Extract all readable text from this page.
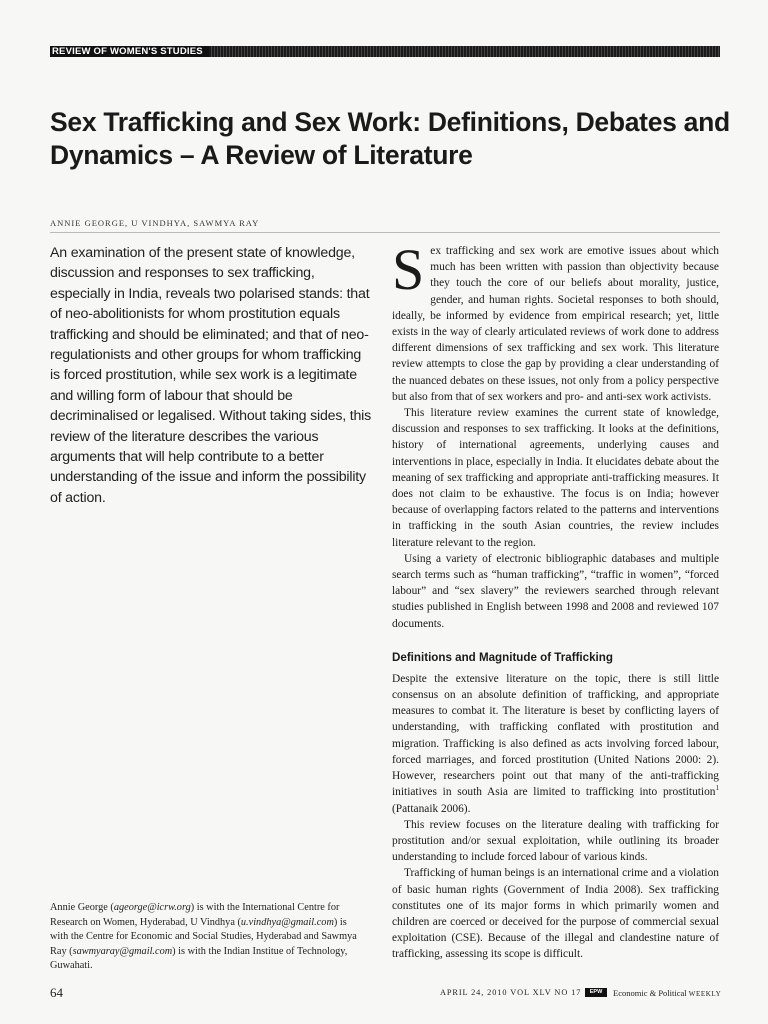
REVIEW OF WOMEN'S STUDIES
Sex Trafficking and Sex Work: Definitions, Debates and Dynamics – A Review of Literature
ANNIE GEORGE, U VINDHYA, SAWMYA RAY

An examination of the present state of knowledge, discussion and responses to sex trafficking, especially in India, reveals two polarised stands: that of neo-abolitionists for whom prostitution equals trafficking and should be eliminated; and that of neo-regulationists and other groups for whom trafficking is forced prostitution, while sex work is a legitimate and willing form of labour that should be decriminalised or legalised. Without taking sides, this review of the literature describes the various arguments that will help contribute to a better understanding of the issue and inform the possibility of action.

Annie George (ageorge@icrw.org) is with the International Centre for Research on Women, Hyderabad, U Vindhya (u.vindhya@gmail.com) is with the Centre for Economic and Social Studies, Hyderabad and Sawmya Ray (sawmyaray@gmail.com) is with the Indian Institue of Technology, Guwahati.

Sex trafficking and sex work are emotive issues about which much has been written with passion than objectivity because they touch the core of our beliefs about morality, justice, gender, and human rights. Societal responses to both should, ideally, be informed by evidence from empirical research; yet, little exists in the way of clearly articulated reviews of work done to address different dimensions of sex trafficking and sex work. This literature review attempts to close the gap by providing a clear understanding of the nuanced debates on these issues, not only from a policy perspective but also from that of sex workers and pro- and anti-sex work activists.

This literature review examines the current state of knowledge, discussion and responses to sex trafficking. It looks at the definitions, history of international agreements, underlying causes and interventions in place, especially in India. It elucidates debate about the meaning of sex trafficking and appropriate anti-trafficking measures. It does not claim to be exhaustive. The focus is on India; however because of overlapping factors related to the patterns and interventions in trafficking in the south Asian countries, the review includes literature relevant to the region.

Using a variety of electronic bibliographic databases and multiple search terms such as “human trafficking”, “traffic in women”, “forced labour” and “sex slavery” the reviewers searched through relevant studies published in English between 1998 and 2008 and reviewed 107 documents.

Definitions and Magnitude of Trafficking

Despite the extensive literature on the topic, there is still little consensus on an absolute definition of trafficking, and appropriate measures to combat it. The literature is beset by conflicting layers of understanding, with trafficking conflated with prostitution and migration. Trafficking is also defined as acts involving forced labour, forced marriages, and forced prostitution (United Nations 2000: 2). However, researchers point out that many of the anti-trafficking initiatives in south Asia are limited to trafficking into prostitution$^1$ (Pattanaik 2006).

This review focuses on the literature dealing with trafficking for prostitution and/or sexual exploitation, while outlining its broader understanding to include forced labour of various kinds.

Trafficking of human beings is an international crime and a violation of basic human rights (Government of India 2008). Sex trafficking constitutes one of its major forms in which primarily women and children are coerced or deceived for the purpose of commercial sexual exploitation (CSE). Because of the illegal and clandestine nature of trafficking, assessing its scope is difficult.

64	APRIL 24, 2010 VOL XLV NO 17	EPW	Economic & Political WEEKLY
